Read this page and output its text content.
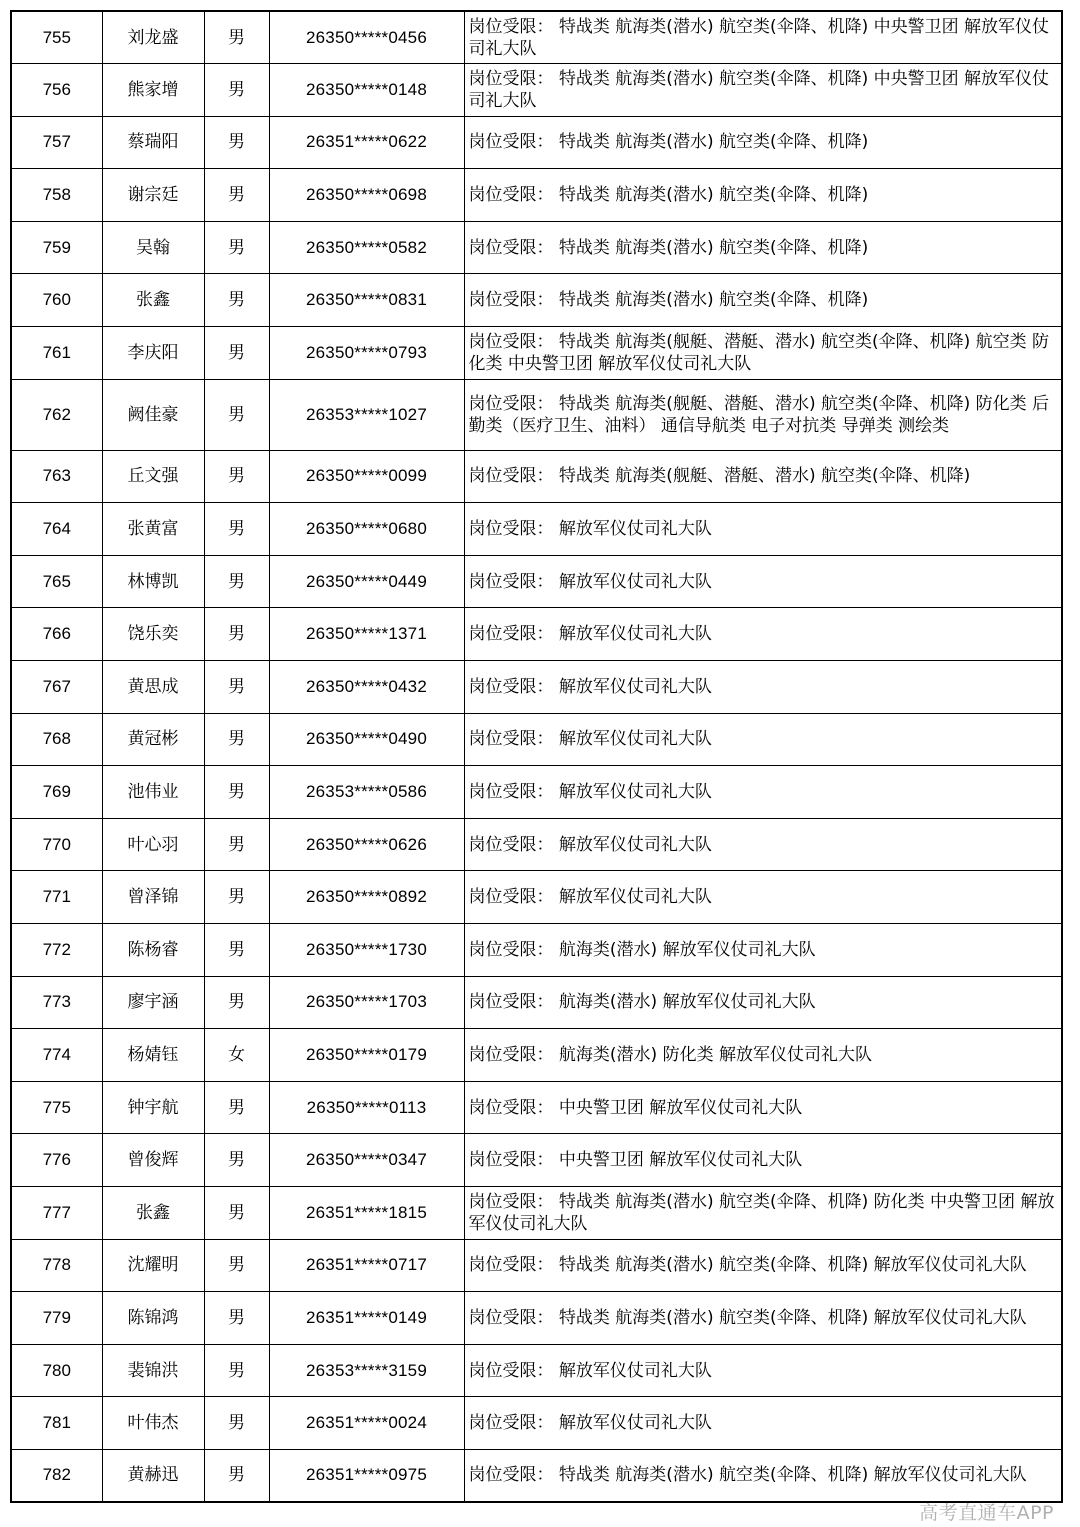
755	刘龙盛	男	26350*****0456	岗位受限： 特战类 航海类(潜水) 航空类(伞降、机降) 中央警卫团 解放军仪仗司礼大队
756	熊家增	男	26350*****0148	岗位受限： 特战类 航海类(潜水) 航空类(伞降、机降) 中央警卫团 解放军仪仗司礼大队
757	蔡瑞阳	男	26351*****0622	岗位受限： 特战类 航海类(潜水) 航空类(伞降、机降)
758	谢宗廷	男	26350*****0698	岗位受限： 特战类 航海类(潜水) 航空类(伞降、机降)
759	吴翰	男	26350*****0582	岗位受限： 特战类 航海类(潜水) 航空类(伞降、机降)
760	张鑫	男	26350*****0831	岗位受限： 特战类 航海类(潜水) 航空类(伞降、机降)
761	李庆阳	男	26350*****0793	岗位受限： 特战类 航海类(舰艇、潜艇、潜水) 航空类(伞降、机降) 航空类 防化类 中央警卫团 解放军仪仗司礼大队
762	阙佳豪	男	26353*****1027	岗位受限： 特战类 航海类(舰艇、潜艇、潜水) 航空类(伞降、机降) 防化类 后勤类（医疗卫生、油料） 通信导航类 电子对抗类 导弹类 测绘类
763	丘文强	男	26350*****0099	岗位受限： 特战类 航海类(舰艇、潜艇、潜水) 航空类(伞降、机降)
764	张黄富	男	26350*****0680	岗位受限： 解放军仪仗司礼大队
765	林博凯	男	26350*****0449	岗位受限： 解放军仪仗司礼大队
766	饶乐奕	男	26350*****1371	岗位受限： 解放军仪仗司礼大队
767	黄思成	男	26350*****0432	岗位受限： 解放军仪仗司礼大队
768	黄冠彬	男	26350*****0490	岗位受限： 解放军仪仗司礼大队
769	池伟业	男	26353*****0586	岗位受限： 解放军仪仗司礼大队
770	叶心羽	男	26350*****0626	岗位受限： 解放军仪仗司礼大队
771	曾泽锦	男	26350*****0892	岗位受限： 解放军仪仗司礼大队
772	陈杨睿	男	26350*****1730	岗位受限： 航海类(潜水) 解放军仪仗司礼大队
773	廖宇涵	男	26350*****1703	岗位受限： 航海类(潜水) 解放军仪仗司礼大队
774	杨婧钰	女	26350*****0179	岗位受限： 航海类(潜水) 防化类 解放军仪仗司礼大队
775	钟宇航	男	26350*****0113	岗位受限： 中央警卫团 解放军仪仗司礼大队
776	曾俊辉	男	26350*****0347	岗位受限： 中央警卫团 解放军仪仗司礼大队
777	张鑫	男	26351*****1815	岗位受限： 特战类 航海类(潜水) 航空类(伞降、机降) 防化类 中央警卫团 解放军仪仗司礼大队
778	沈耀明	男	26351*****0717	岗位受限： 特战类 航海类(潜水) 航空类(伞降、机降) 解放军仪仗司礼大队
779	陈锦鸿	男	26351*****0149	岗位受限： 特战类 航海类(潜水) 航空类(伞降、机降) 解放军仪仗司礼大队
780	裴锦洪	男	26353*****3159	岗位受限： 解放军仪仗司礼大队
781	叶伟杰	男	26351*****0024	岗位受限： 解放军仪仗司礼大队
782	黄赫迅	男	26351*****0975	岗位受限： 特战类 航海类(潜水) 航空类(伞降、机降) 解放军仪仗司礼大队
高考直通车APP
